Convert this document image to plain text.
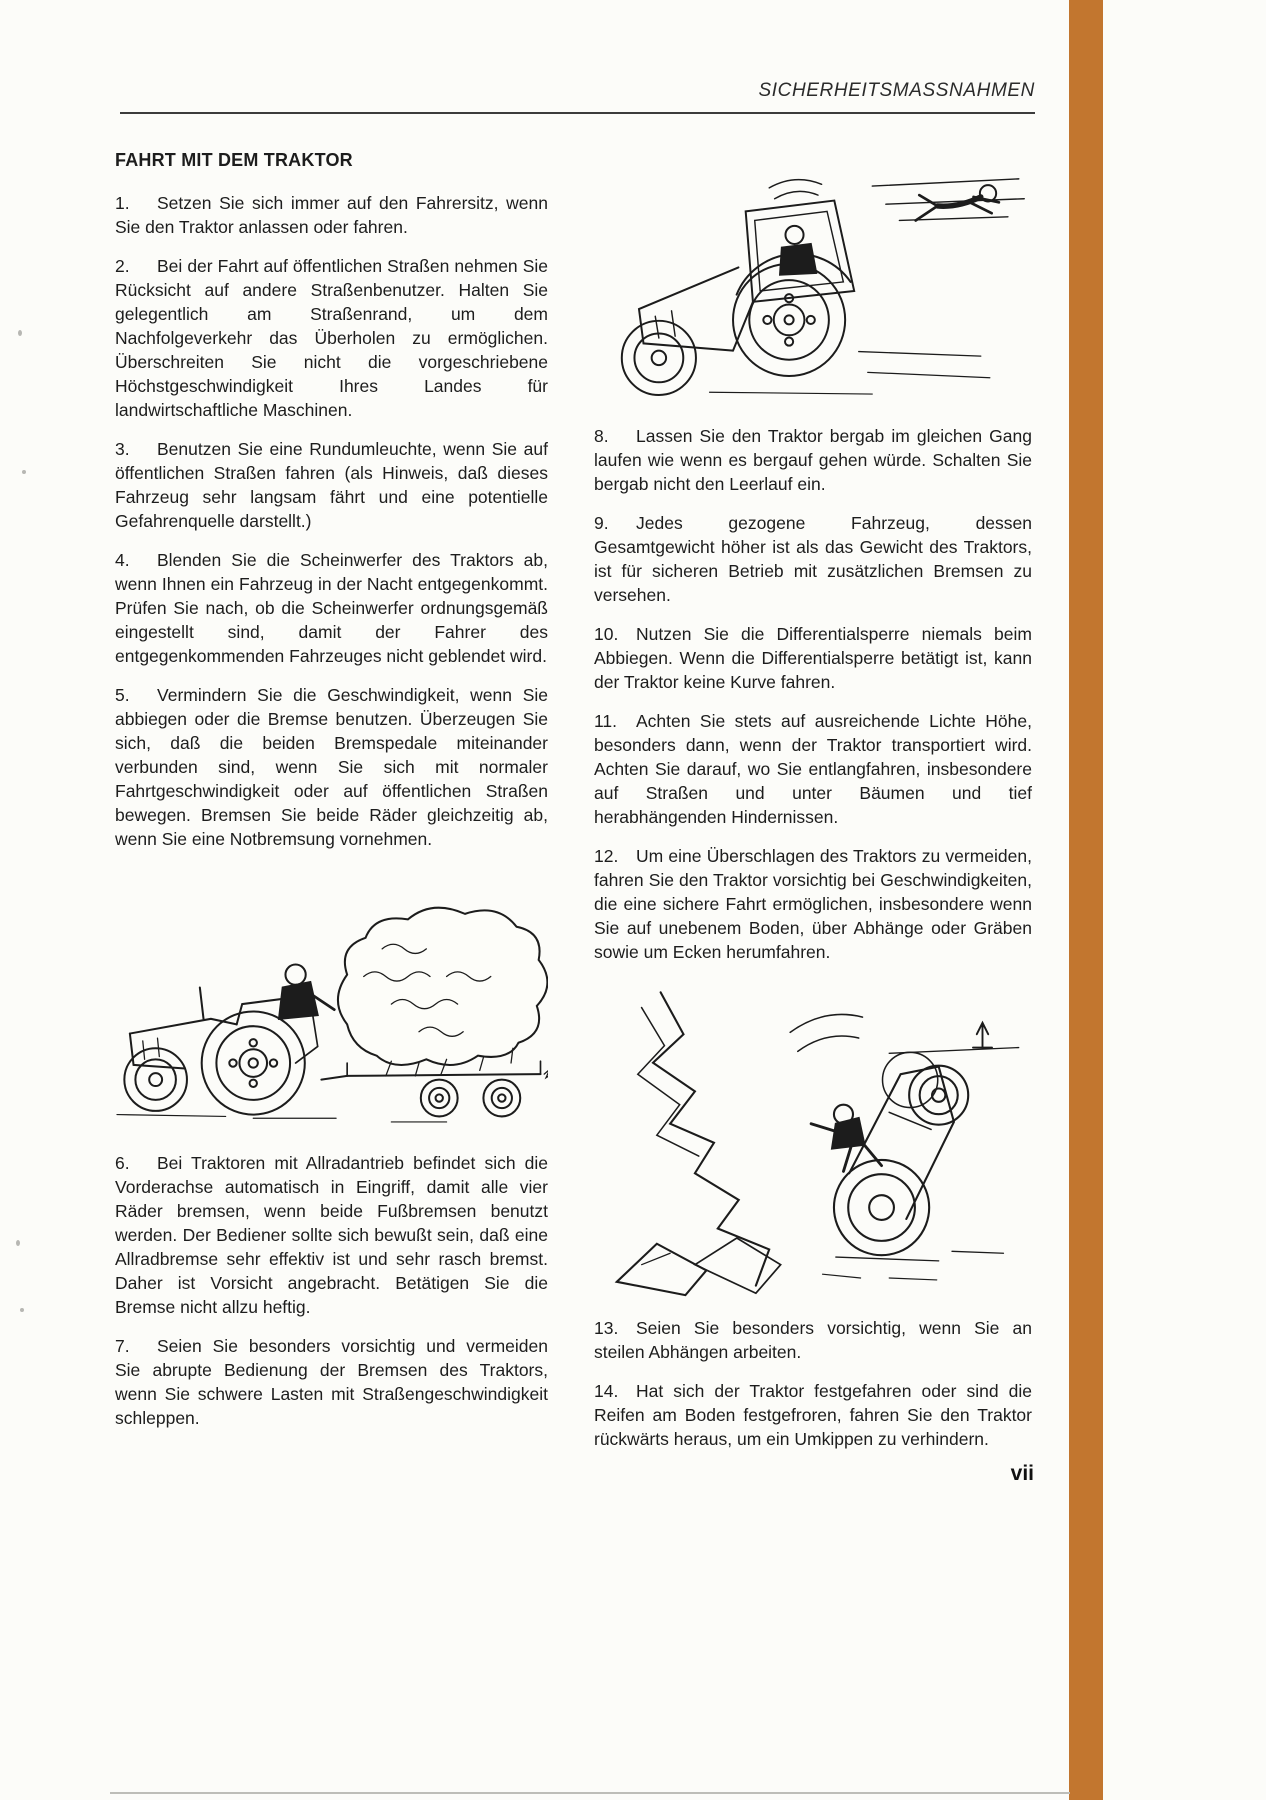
SICHERHEITSMASSNAHMEN
FAHRT MIT DEM TRAKTOR

1. Setzen Sie sich immer auf den Fahrersitz, wenn Sie den Traktor anlassen oder fahren.

2. Bei der Fahrt auf öffentlichen Straßen nehmen Sie Rücksicht auf andere Straßenbenutzer. Halten Sie gelegentlich am Straßenrand, um dem Nachfolgeverkehr das Überholen zu ermöglichen. Überschreiten Sie nicht die vorgeschriebene Höchstgeschwindigkeit Ihres Landes für landwirtschaftliche Maschinen.

3. Benutzen Sie eine Rundumleuchte, wenn Sie auf öffentlichen Straßen fahren (als Hinweis, daß dieses Fahrzeug sehr langsam fährt und eine potentielle Gefahrenquelle darstellt.)

4. Blenden Sie die Scheinwerfer des Traktors ab, wenn Ihnen ein Fahrzeug in der Nacht entgegenkommt. Prüfen Sie nach, ob die Scheinwerfer ordnungsgemäß eingestellt sind, damit der Fahrer des entgegenkommenden Fahrzeuges nicht geblendet wird.

5. Vermindern Sie die Geschwindigkeit, wenn Sie abbiegen oder die Bremse benutzen. Überzeugen Sie sich, daß die beiden Bremspedale miteinander verbunden sind, wenn Sie sich mit normaler Fahrtgeschwindigkeit oder auf öffentlichen Straßen bewegen. Bremsen Sie beide Räder gleichzeitig ab, wenn Sie eine Notbremsung vornehmen.

6. Bei Traktoren mit Allradantrieb befindet sich die Vorderachse automatisch in Eingriff, damit alle vier Räder bremsen, wenn beide Fußbremsen benutzt werden. Der Bediener sollte sich bewußt sein, daß eine Allradbremse sehr effektiv ist und sehr rasch bremst. Daher ist Vorsicht angebracht. Betätigen Sie die Bremse nicht allzu heftig.

7. Seien Sie besonders vorsichtig und vermeiden Sie abrupte Bedienung der Bremsen des Traktors, wenn Sie schwere Lasten mit Straßengeschwindigkeit schleppen.

8. Lassen Sie den Traktor bergab im gleichen Gang laufen wie wenn es bergauf gehen würde. Schalten Sie bergab nicht den Leerlauf ein.

9. Jedes gezogene Fahrzeug, dessen Gesamtgewicht höher ist als das Gewicht des Traktors, ist für sicheren Betrieb mit zusätzlichen Bremsen zu versehen.

10. Nutzen Sie die Differentialsperre niemals beim Abbiegen. Wenn die Differentialsperre betätigt ist, kann der Traktor keine Kurve fahren.

11. Achten Sie stets auf ausreichende Lichte Höhe, besonders dann, wenn der Traktor transportiert wird. Achten Sie darauf, wo Sie entlangfahren, insbesondere auf Straßen und unter Bäumen und tief herabhängenden Hindernissen.

12. Um eine Überschlagen des Traktors zu vermeiden, fahren Sie den Traktor vorsichtig bei Geschwindigkeiten, die eine sichere Fahrt ermöglichen, insbesondere wenn Sie auf unebenem Boden, über Abhänge oder Gräben sowie um Ecken herumfahren.

13. Seien Sie besonders vorsichtig, wenn Sie an steilen Abhängen arbeiten.

14. Hat sich der Traktor festgefahren oder sind die Reifen am Boden festgefroren, fahren Sie den Traktor rückwärts heraus, um ein Umkippen zu verhindern.

vii
